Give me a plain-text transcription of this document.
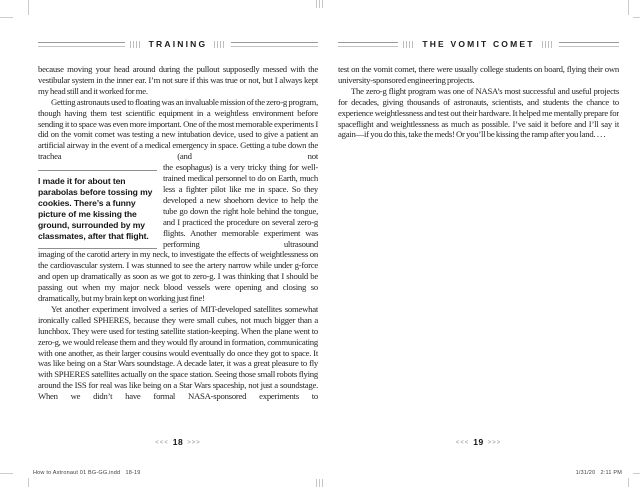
TRAINING

because moving your head around during the pullout supposedly messed with the vestibular system in the inner ear. I’m not sure if this was true or not, but I always kept my head still and it worked for me.

Getting astronauts used to floating was an invaluable mission of the zero-g program, though having them test scientific equipment in a weightless environment before sending it to space was even more important. One of the most memorable experiments I did on the vomit comet was testing a new intubation device, used to give a patient an artificial airway in the event of a medical emergency in space. Getting a tube down the trachea (and not

I made it for about ten parabolas before tossing my cookies. There’s a funny picture of me kissing the ground, surrounded by my classmates, after that flight.
the esophagus) is a very tricky thing for well-trained medical personnel to do on Earth, much less a fighter pilot like me in space. So they developed a new shoehorn device to help the tube go down the right hole behind the tongue, and I practiced the procedure on several zero-g flights. Another memorable experiment was performing ultrasound

imaging of the carotid artery in my neck, to investigate the effects of weightlessness on the cardiovascular system. I was stunned to see the artery narrow while under g-force and open up dramatically as soon as we got to zero-g. I was thinking that I should be passing out when my major neck blood vessels were opening and closing so dramatically, but my brain kept on working just fine!

Yet another experiment involved a series of MIT-developed satellites somewhat ironically called SPHERES, because they were small cubes, not much bigger than a lunchbox. They were used for testing satellite station-keeping. When the plane went to zero-g, we would release them and they would fly around in formation, communicating with one another, as their larger cousins would eventually do once they got to space. It was like being on a Star Wars soundstage. A decade later, it was a great pleasure to fly with SPHERES satellites actually on the space station. Seeing those small robots flying around the ISS for real was like being on a Star Wars spaceship, not just a soundstage. When we didn’t have formal NASA-sponsored experiments to

THE VOMIT COMET

test on the vomit comet, there were usually college students on board, flying their own university-sponsored engineering projects.

The zero-g flight program was one of NASA’s most successful and useful projects for decades, giving thousands of astronauts, scientists, and students the chance to experience weightlessness and test out their hardware. It helped me mentally prepare for spaceflight and weightlessness as much as possible. I’ve said it before and I’ll say it again—if you do this, take the meds! Or you’ll be kissing the ramp after you land. . . .

<<< 18 >>>	<<< 19 >>>
How to Astronaut 01 BG-GG.indd   18-19	1/31/20   2:11 PM
